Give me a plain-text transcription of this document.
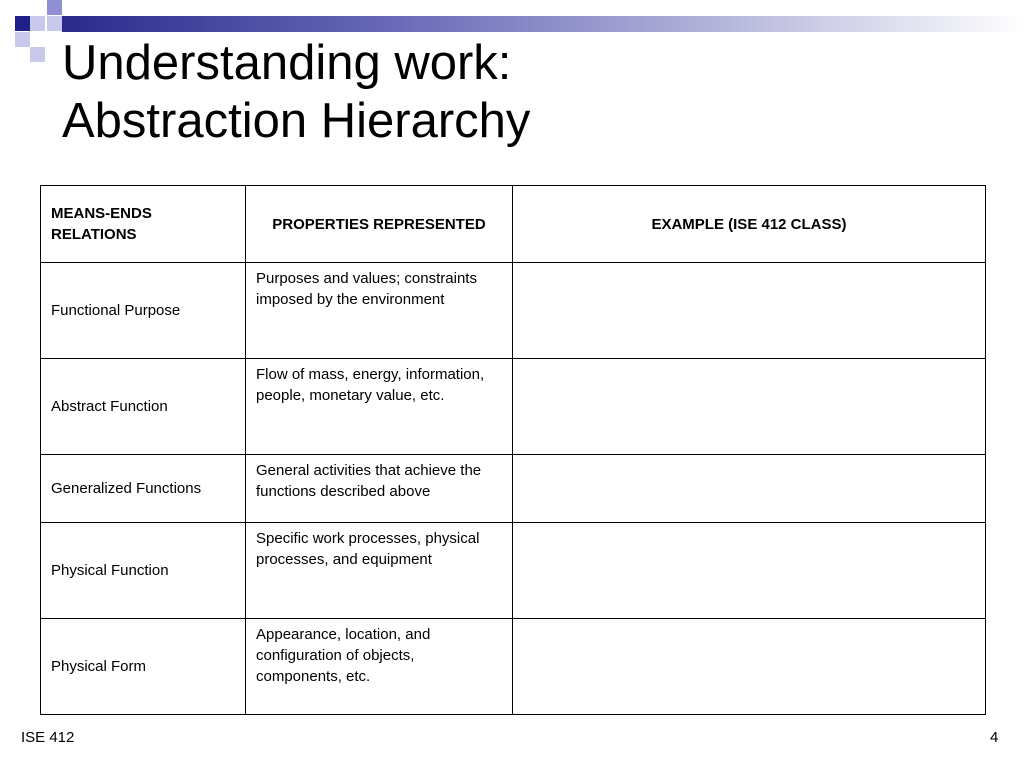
Understanding work:
Abstraction Hierarchy
MEANS-ENDS RELATIONS	PROPERTIES REPRESENTED	EXAMPLE (ISE 412 CLASS)
Functional Purpose	Purposes and values; constraints imposed by the environment	
Abstract Function	Flow of mass, energy, information, people, monetary value, etc.	
Generalized Functions	General activities that achieve the functions described above	
Physical Function	Specific work processes, physical processes, and equipment	
Physical Form	Appearance, location, and configuration of objects, components, etc.	
ISE 412	4
